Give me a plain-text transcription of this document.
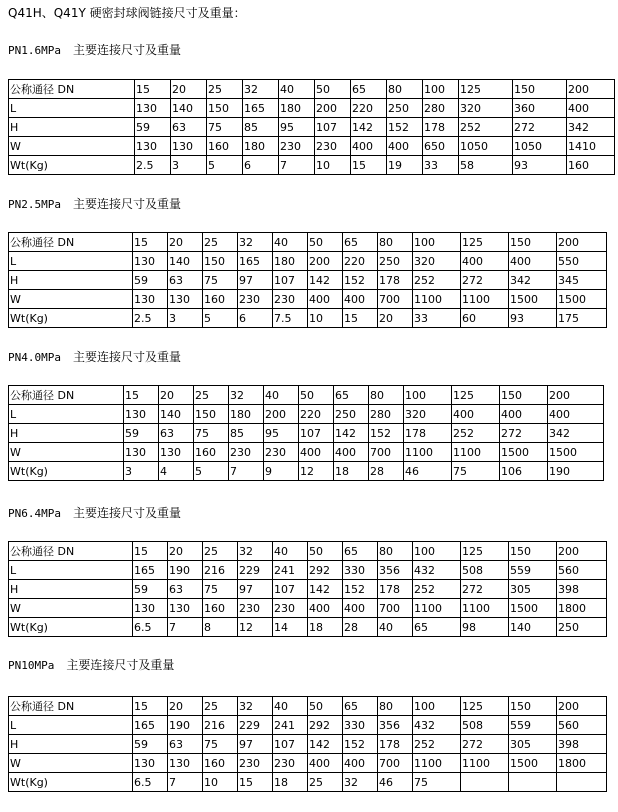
Q41H、Q41Y 硬密封球阀链接尺寸及重量：
PN1.6MPa 主要连接尺寸及重量
公称通径 DN	15	20	25	32	40	50	65	80	100	125	150	200
L	130	140	150	165	180	200	220	250	280	320	360	400
H	59	63	75	85	95	107	142	152	178	252	272	342
W	130	130	160	180	230	230	400	400	650	1050	1050	1410
Wt(Kg)	2.5	3	5	6	7	10	15	19	33	58	93	160
PN2.5MPa 主要连接尺寸及重量
公称通径 DN	15	20	25	32	40	50	65	80	100	125	150	200
L	130	140	150	165	180	200	220	250	320	400	400	550
H	59	63	75	97	107	142	152	178	252	272	342	345
W	130	130	160	230	230	400	400	700	1100	1100	1500	1500
Wt(Kg)	2.5	3	5	6	7.5	10	15	20	33	60	93	175
PN4.0MPa 主要连接尺寸及重量
公称通径 DN	15	20	25	32	40	50	65	80	100	125	150	200
L	130	140	150	180	200	220	250	280	320	400	400	400
H	59	63	75	85	95	107	142	152	178	252	272	342
W	130	130	160	230	230	400	400	700	1100	1100	1500	1500
Wt(Kg)	3	4	5	7	9	12	18	28	46	75	106	190
PN6.4MPa 主要连接尺寸及重量
公称通径 DN	15	20	25	32	40	50	65	80	100	125	150	200
L	165	190	216	229	241	292	330	356	432	508	559	560
H	59	63	75	97	107	142	152	178	252	272	305	398
W	130	130	160	230	230	400	400	700	1100	1100	1500	1800
Wt(Kg)	6.5	7	8	12	14	18	28	40	65	98	140	250
PN10MPa 主要连接尺寸及重量
公称通径 DN	15	20	25	32	40	50	65	80	100	125	150	200
L	165	190	216	229	241	292	330	356	432	508	559	560
H	59	63	75	97	107	142	152	178	252	272	305	398
W	130	130	160	230	230	400	400	700	1100	1100	1500	1800
Wt(Kg)	6.5	7	10	15	18	25	32	46	75			
